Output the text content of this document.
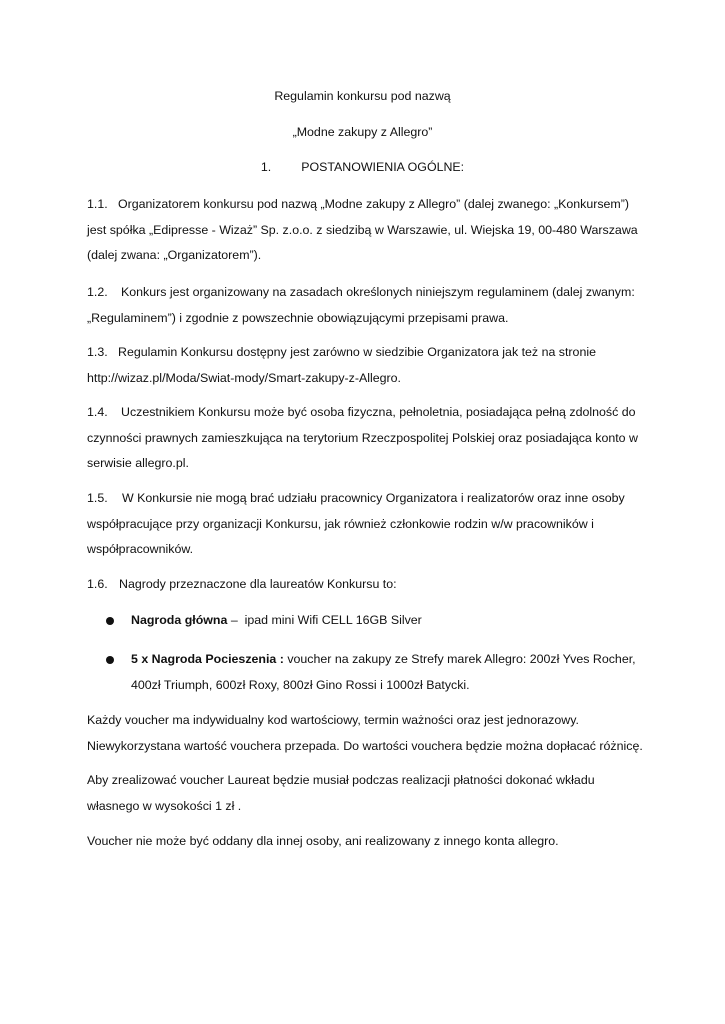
Regulamin konkursu pod nazwą
„Modne zakupy z Allegro”
1. POSTANOWIENIA OGÓLNE:
1.1. Organizatorem konkursu pod nazwą „Modne zakupy z Allegro” (dalej zwanego: „Konkursem”)
jest spółka „Edipresse - Wizaż” Sp. z.o.o. z siedzibą w Warszawie, ul. Wiejska 19, 00-480 Warszawa
(dalej zwana: „Organizatorem”).
1.2. Konkurs jest organizowany na zasadach określonych niniejszym regulaminem (dalej zwanym:
„Regulaminem”) i zgodnie z powszechnie obowiązującymi przepisami prawa.
1.3. Regulamin Konkursu dostępny jest zarówno w siedzibie Organizatora jak też na stronie
http://wizaz.pl/Moda/Swiat-mody/Smart-zakupy-z-Allegro.
1.4. Uczestnikiem Konkursu może być osoba fizyczna, pełnoletnia, posiadająca pełną zdolność do
czynności prawnych zamieszkująca na terytorium Rzeczpospolitej Polskiej oraz posiadająca konto w
serwisie allegro.pl.
1.5. W Konkursie nie mogą brać udziału pracownicy Organizatora i realizatorów oraz inne osoby
współpracujące przy organizacji Konkursu, jak również członkowie rodzin w/w pracowników i
współpracowników.
1.6. Nagrody przeznaczone dla laureatów Konkursu to:
Nagroda główna –  ipad mini Wifi CELL 16GB Silver
5 x Nagroda Pocieszenia : voucher na zakupy ze Strefy marek Allegro: 200zł Yves Rocher,
400zł Triumph, 600zł Roxy, 800zł Gino Rossi i 1000zł Batycki.
Każdy voucher ma indywidualny kod wartościowy, termin ważności oraz jest jednorazowy.
Niewykorzystana wartość vouchera przepada. Do wartości vouchera będzie można dopłacać różnicę.
Aby zrealizować voucher Laureat będzie musiał podczas realizacji płatności dokonać wkładu
własnego w wysokości 1 zł .
Voucher nie może być oddany dla innej osoby, ani realizowany z innego konta allegro.
